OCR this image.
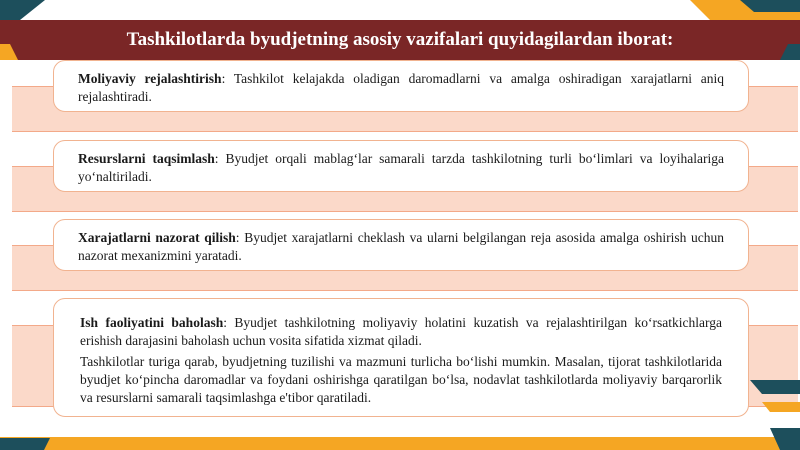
Tashkilotlarda byudjetning asosiy vazifalari quyidagilardan iborat:

Moliyaviy rejalashtirish: Tashkilot kelajakda oladigan daromadlarni va amalga oshiradigan xarajatlarni aniq rejalashtiradi.

Resurslarni taqsimlash: Byudjet orqali mablag‘lar samarali tarzda tashkilotning turli bo‘limlari va loyihalariga yo‘naltiriladi.

Xarajatlarni nazorat qilish: Byudjet xarajatlarni cheklash va ularni belgilangan reja asosida amalga oshirish uchun nazorat mexanizmini yaratadi.

Ish faoliyatini baholash: Byudjet tashkilotning moliyaviy holatini kuzatish va rejalashtirilgan ko‘rsatkichlarga erishish darajasini baholash uchun vosita sifatida xizmat qiladi.

Tashkilotlar turiga qarab, byudjetning tuzilishi va mazmuni turlicha bo‘lishi mumkin. Masalan, tijorat tashkilotlarida byudjet ko‘pincha daromadlar va foydani oshirishga qaratilgan bo‘lsa, nodavlat tashkilotlarda moliyaviy barqarorlik va resurslarni samarali taqsimlashga e'tibor qaratiladi.
